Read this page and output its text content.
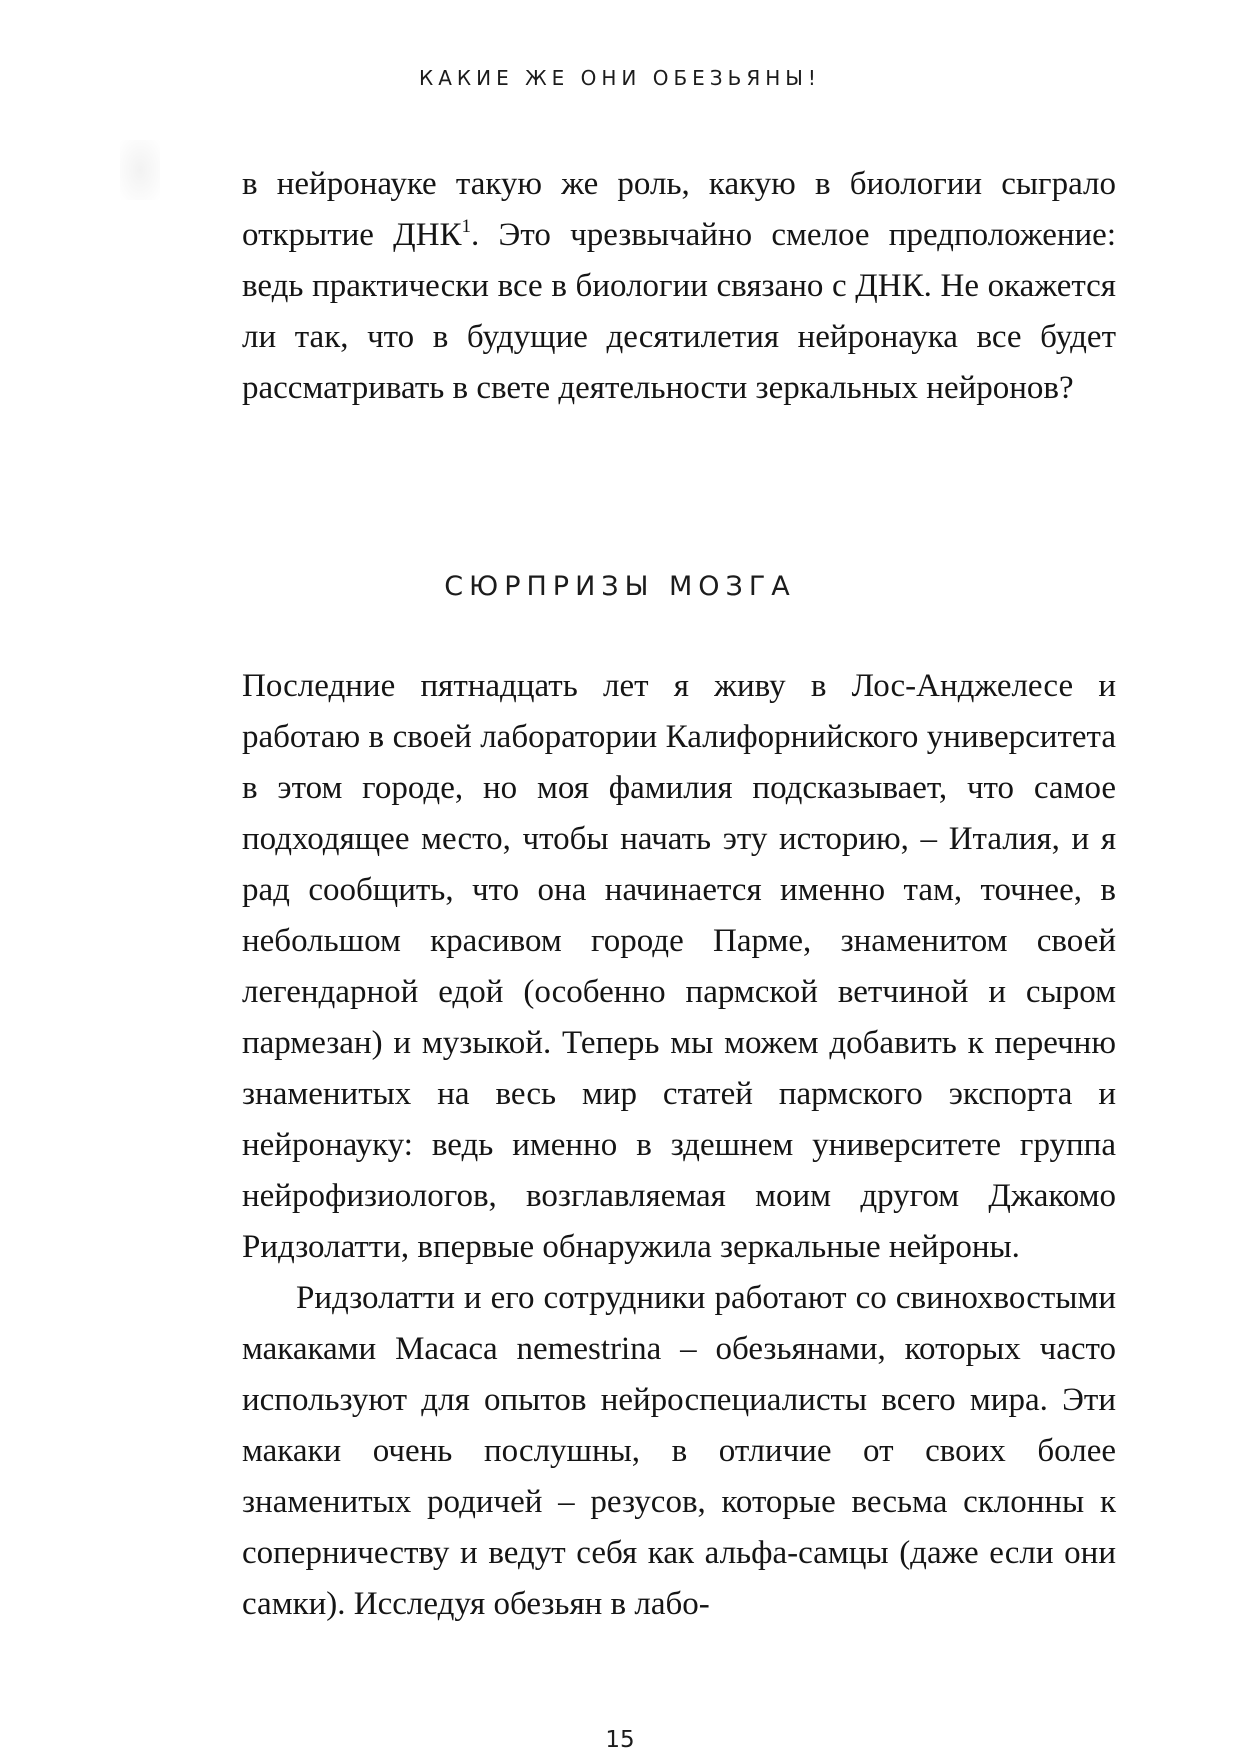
КАКИЕ ЖЕ ОНИ ОБЕЗЬЯНЫ!

в нейронауке такую же роль, какую в биологии сыграло открытие ДНК$^1$. Это чрезвычайно смелое предположение: ведь практически все в биологии связано с ДНК. Не окажется ли так, что в будущие десятилетия нейронаука все будет рассматривать в свете деятельности зеркальных нейронов?

СЮРПРИЗЫ МОЗГА

Последние пятнадцать лет я живу в Лос-Анджелесе и работаю в своей лаборатории Калифорнийского университета в этом городе, но моя фамилия подсказывает, что самое подходящее место, чтобы начать эту историю, – Италия, и я рад сообщить, что она начинается именно там, точнее, в небольшом красивом городе Парме, знаменитом своей легендарной едой (особенно пармской ветчиной и сыром пармезан) и музыкой. Теперь мы можем добавить к перечню знаменитых на весь мир статей пармского экспорта и нейронауку: ведь именно в здешнем университете группа нейрофизиологов, возглавляемая моим другом Джакомо Ридзолатти, впервые обнаружила зеркальные нейроны.

Ридзолатти и его сотрудники работают со свинохвостыми макаками Macaca nemestrina – обезьянами, которых часто используют для опытов нейроспециалисты всего мира. Эти макаки очень послушны, в отличие от своих более знаменитых родичей – резусов, которые весьма склонны к соперничеству и ведут себя как альфа-самцы (даже если они самки). Исследуя обезьян в лабо-

15
